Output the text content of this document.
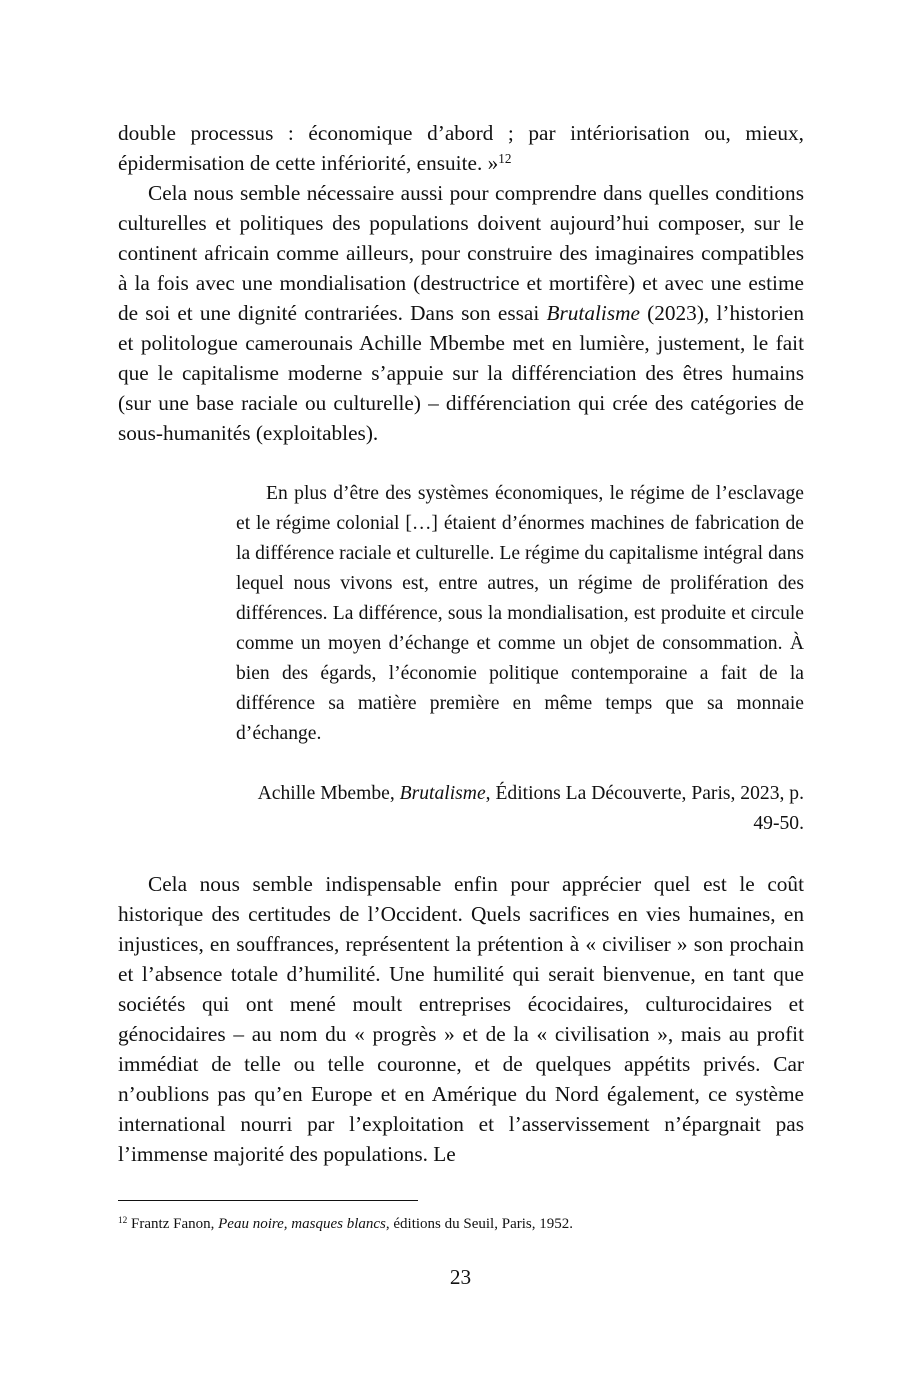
double processus : économique d’abord ; par intériorisation ou, mieux, épidermisation de cette infériorité, ensuite. »$^{12}$

Cela nous semble nécessaire aussi pour comprendre dans quelles conditions culturelles et politiques des populations doivent aujourd’hui composer, sur le continent africain comme ailleurs, pour construire des imaginaires compatibles à la fois avec une mondialisation (destructrice et mortifère) et avec une estime de soi et une dignité contrariées. Dans son essai Brutalisme (2023), l’historien et politologue camerounais Achille Mbembe met en lumière, justement, le fait que le capitalisme moderne s’appuie sur la différenciation des êtres humains (sur une base raciale ou culturelle) – différenciation qui crée des catégories de sous-humanités (exploitables).

En plus d’être des systèmes économiques, le régime de l’esclavage et le régime colonial […] étaient d’énormes machines de fabrication de la différence raciale et culturelle. Le régime du capitalisme intégral dans lequel nous vivons est, entre autres, un régime de prolifération des différences. La différence, sous la mondialisation, est produite et circule comme un moyen d’échange et comme un objet de consommation. À bien des égards, l’économie politique contemporaine a fait de la différence sa matière première en même temps que sa monnaie d’échange.

Achille Mbembe, Brutalisme, Éditions La Découverte, Paris, 2023, p. 49-50.

Cela nous semble indispensable enfin pour apprécier quel est le coût historique des certitudes de l’Occident. Quels sacrifices en vies humaines, en injustices, en souffrances, représentent la prétention à « civiliser » son prochain et l’absence totale d’humilité. Une humilité qui serait bienvenue, en tant que sociétés qui ont mené moult entreprises écocidaires, culturocidaires et génocidaires – au nom du « progrès » et de la « civilisation », mais au profit immédiat de telle ou telle couronne, et de quelques appétits privés. Car n’oublions pas qu’en Europe et en Amérique du Nord également, ce système international nourri par l’exploitation et l’asservissement n’épargnait pas l’immense majorité des populations. Le

$^{12}$ Frantz Fanon, Peau noire, masques blancs, éditions du Seuil, Paris, 1952.

23
